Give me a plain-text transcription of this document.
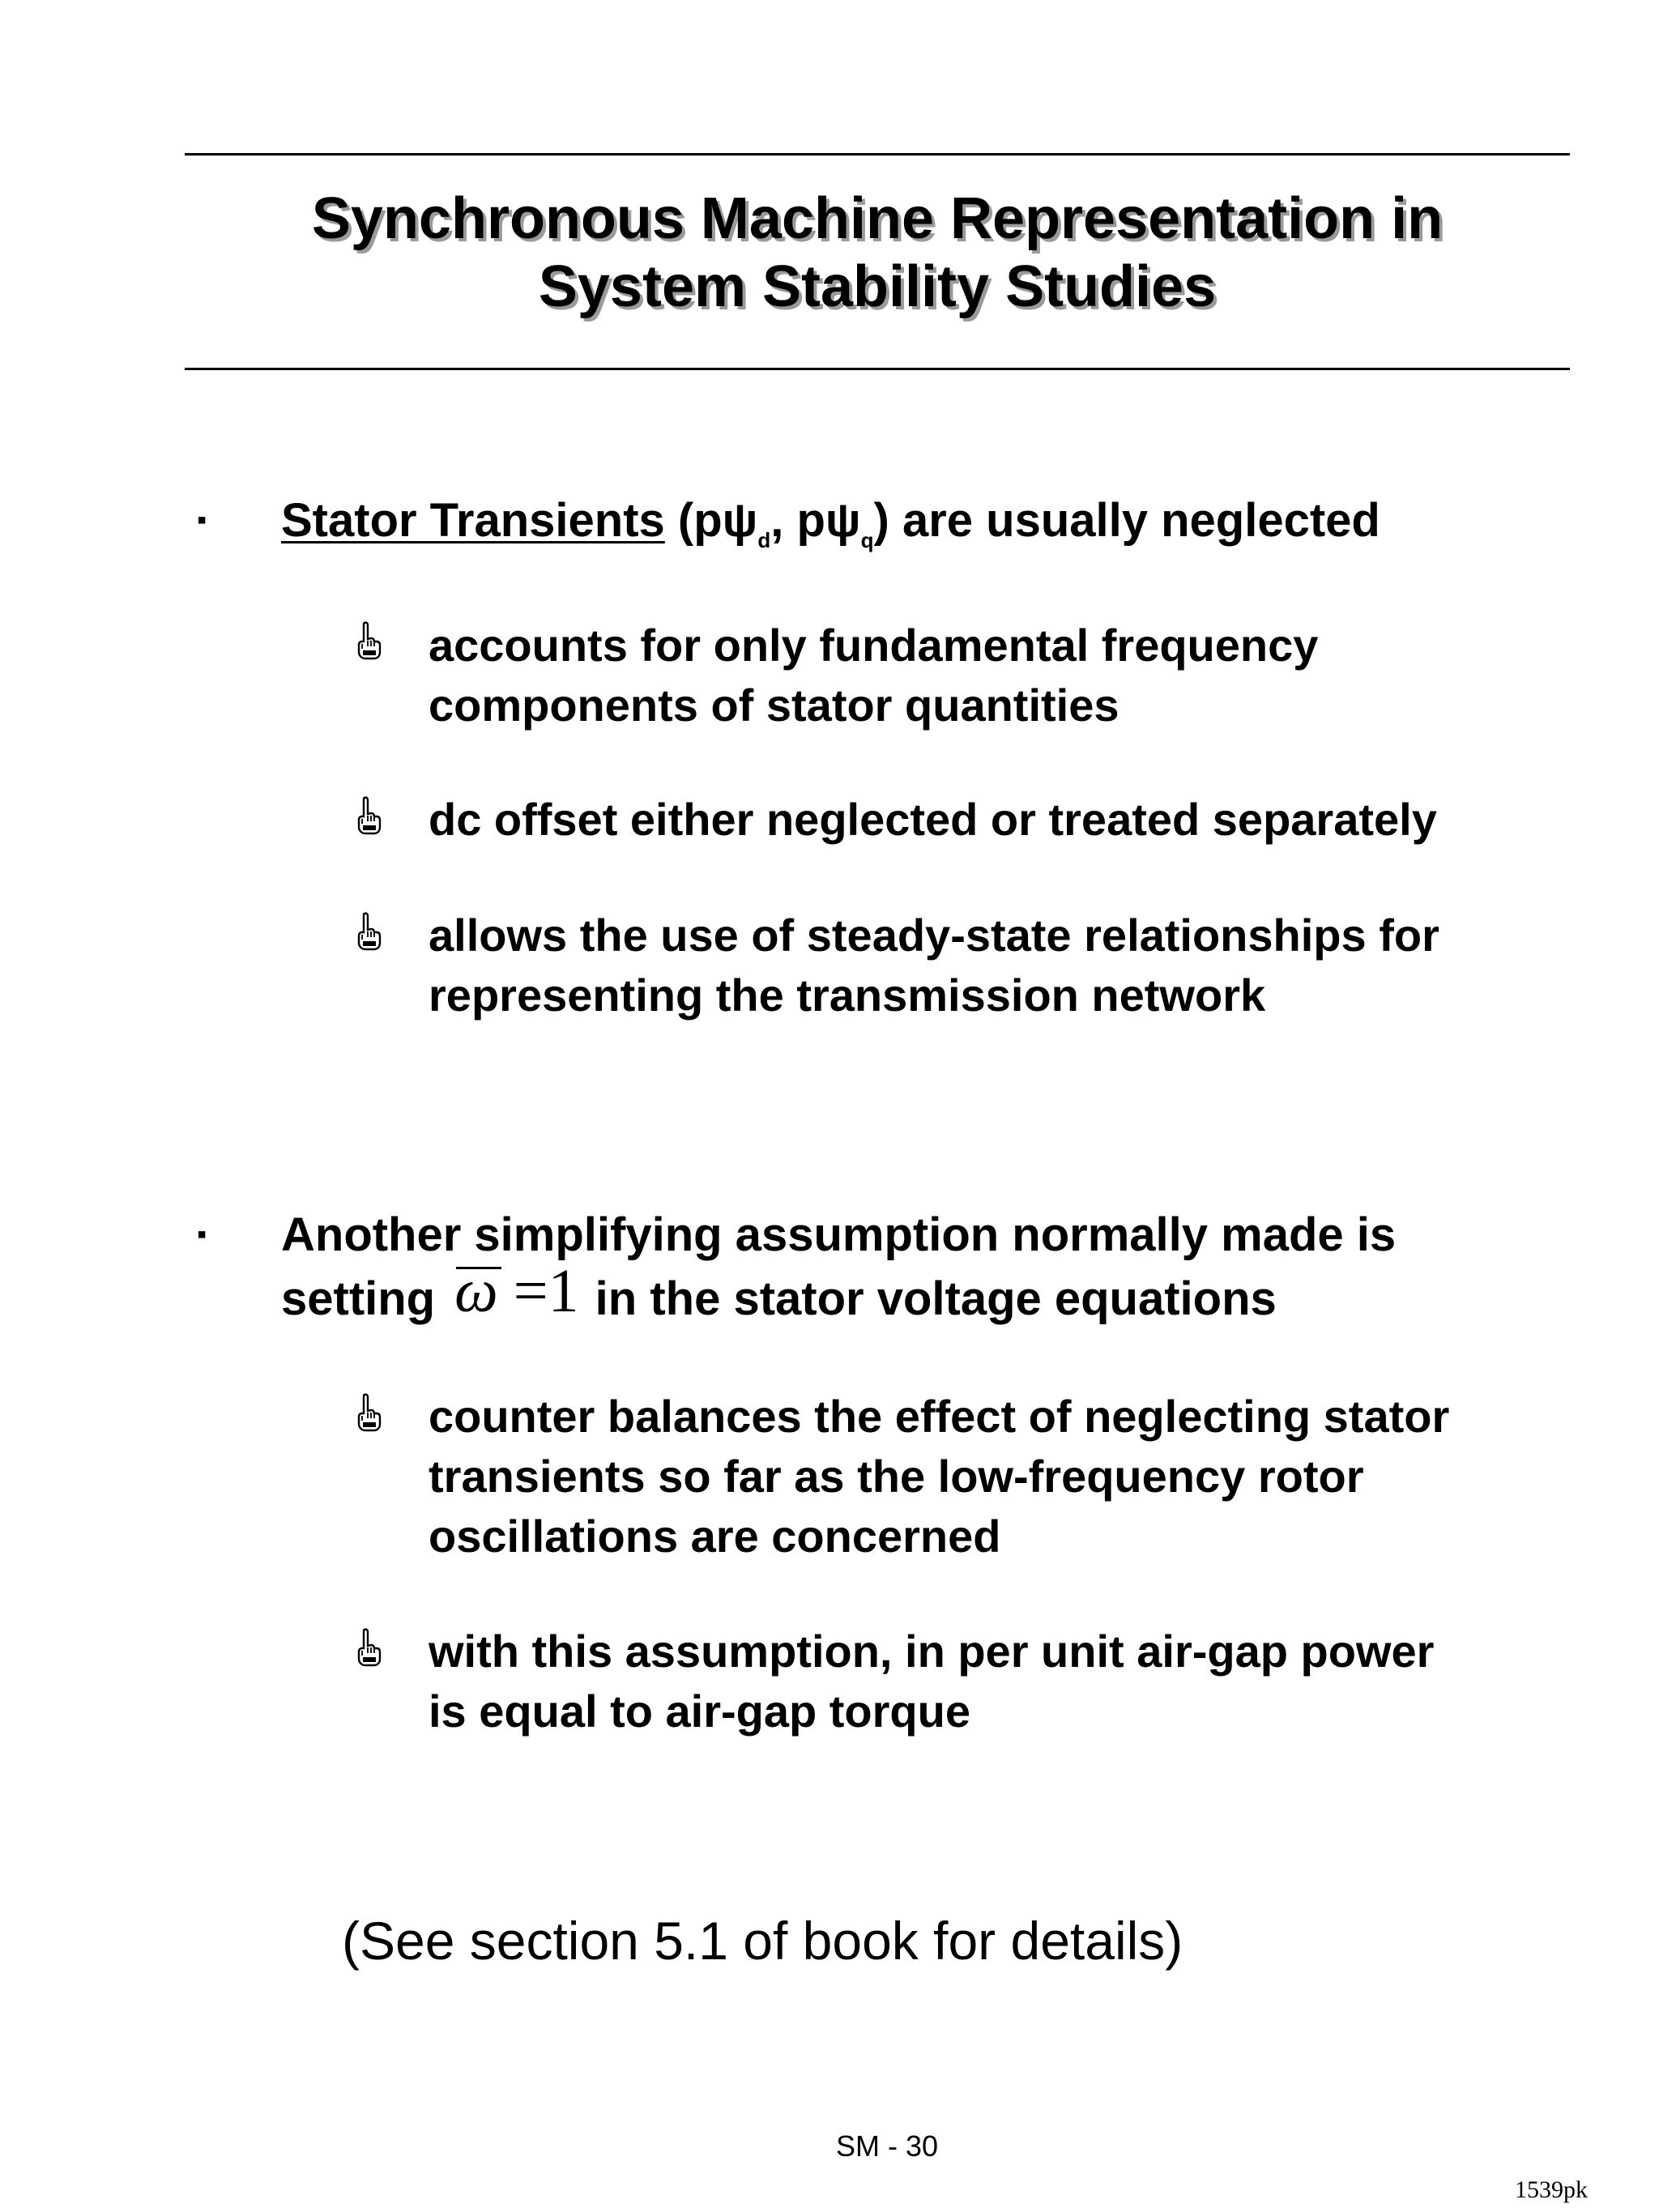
Synchronous Machine Representation in
System Stability Studies
▪	Stator Transients ($p\psi_d$, $p\psi_q$) are usually neglected
accounts for only fundamental frequency
components of stator quantities
dc offset either neglected or treated separately
allows the use of steady-state relationships for
representing the transmission network
▪	Another simplifying assumption normally made is
setting ω =1 in the stator voltage equations
counter balances the effect of neglecting stator
transients so far as the low-frequency rotor
oscillations are concerned
with this assumption, in per unit air-gap power
is equal to air-gap torque
(See section 5.1 of book for details)
SM - 30
1539pk
